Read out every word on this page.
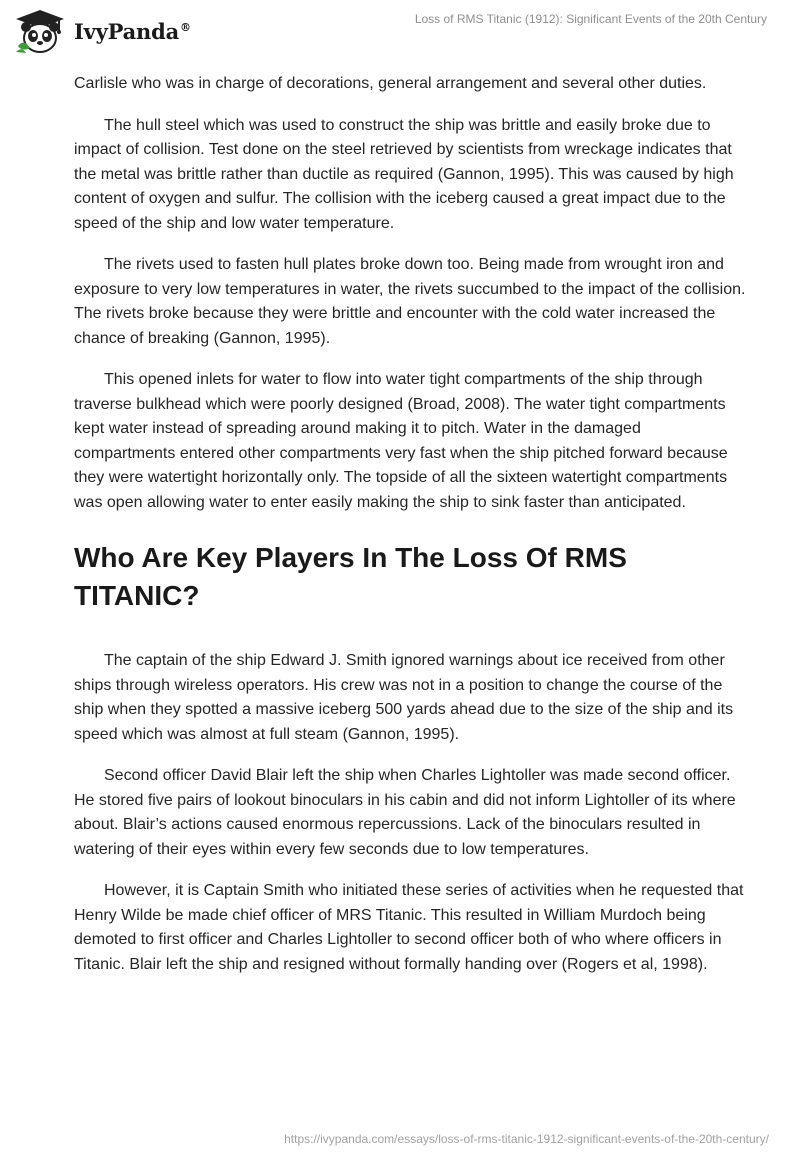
IvyPanda®
Loss of RMS Titanic (1912): Significant Events of the 20th Century

Carlisle who was in charge of decorations, general arrangement and several other duties.

The hull steel which was used to construct the ship was brittle and easily broke due to impact of collision. Test done on the steel retrieved by scientists from wreckage indicates that the metal was brittle rather than ductile as required (Gannon, 1995). This was caused by high content of oxygen and sulfur. The collision with the iceberg caused a great impact due to the speed of the ship and low water temperature.

The rivets used to fasten hull plates broke down too. Being made from wrought iron and exposure to very low temperatures in water, the rivets succumbed to the impact of the collision. The rivets broke because they were brittle and encounter with the cold water increased the chance of breaking (Gannon, 1995).

This opened inlets for water to flow into water tight compartments of the ship through traverse bulkhead which were poorly designed (Broad, 2008). The water tight compartments kept water instead of spreading around making it to pitch. Water in the damaged compartments entered other compartments very fast when the ship pitched forward because they were watertight horizontally only. The topside of all the sixteen watertight compartments was open allowing water to enter easily making the ship to sink faster than anticipated.

Who Are Key Players In The Loss Of RMS TITANIC?

The captain of the ship Edward J. Smith ignored warnings about ice received from other ships through wireless operators. His crew was not in a position to change the course of the ship when they spotted a massive iceberg 500 yards ahead due to the size of the ship and its speed which was almost at full steam (Gannon, 1995).

Second officer David Blair left the ship when Charles Lightoller was made second officer. He stored five pairs of lookout binoculars in his cabin and did not inform Lightoller of its where about. Blair’s actions caused enormous repercussions. Lack of the binoculars resulted in watering of their eyes within every few seconds due to low temperatures.

However, it is Captain Smith who initiated these series of activities when he requested that Henry Wilde be made chief officer of MRS Titanic. This resulted in William Murdoch being demoted to first officer and Charles Lightoller to second officer both of who where officers in Titanic. Blair left the ship and resigned without formally handing over (Rogers et al, 1998).

https://ivypanda.com/essays/loss-of-rms-titanic-1912-significant-events-of-the-20th-century/
